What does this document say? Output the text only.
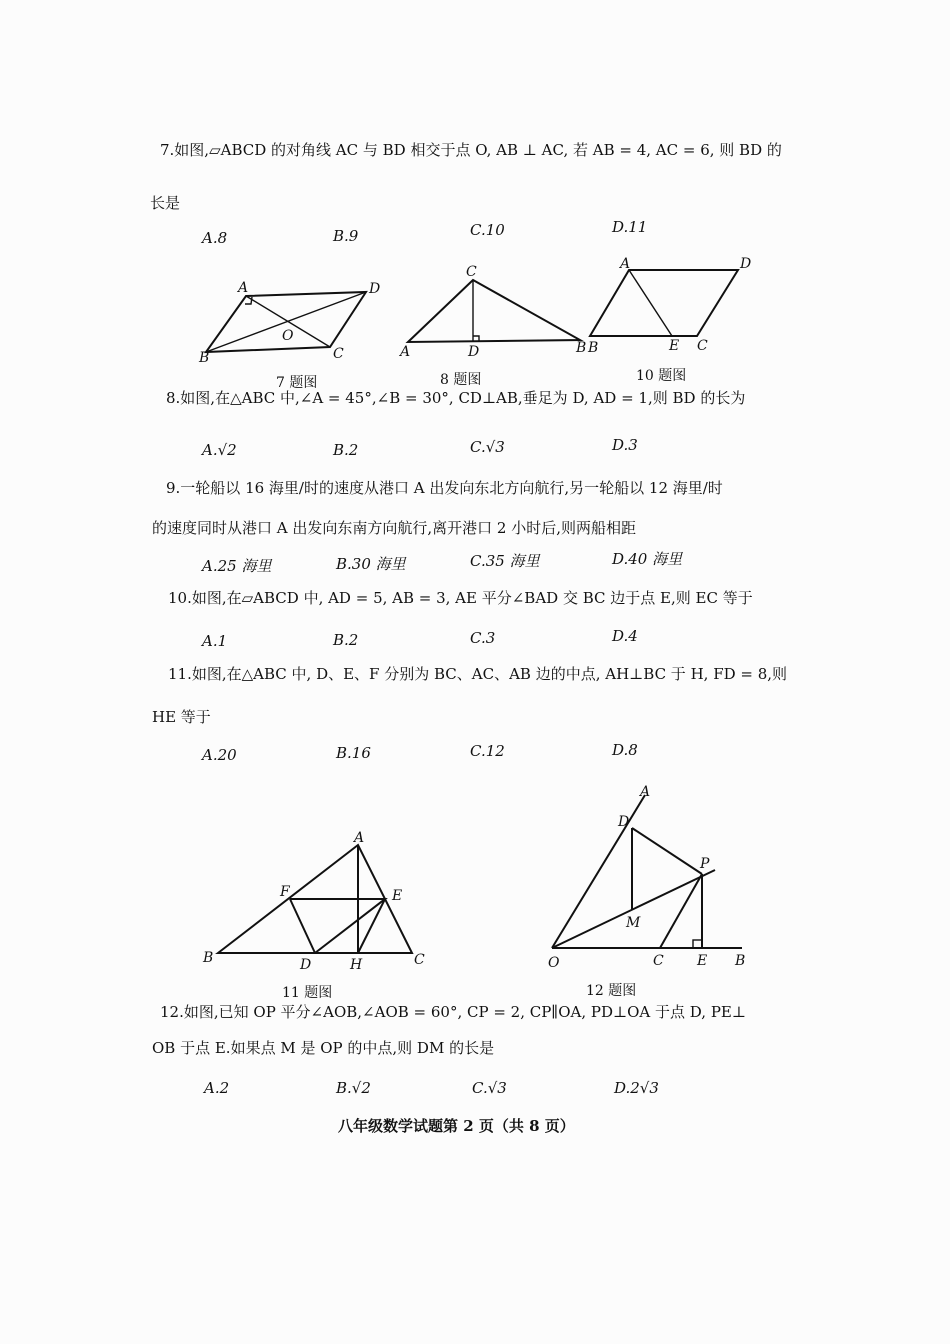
7.如图,▱ABCD 的对角线 AC 与 BD 相交于点 O, AB ⊥ AC, 若 AB = 4, AC = 6, 则 BD 的
长是
A.8	B.9	C.10	D.11
A	D
O
B	C
C
A	D	B
A	D
B	E C
A
F	E
B	D	H	C
A
D
P
M
O	C E B
7 题图	8 题图	10 题图
8.如图,在△ABC 中,∠A = 45°,∠B = 30°, CD⊥AB,垂足为 D, AD = 1,则 BD 的长为
A.√2	B.2	C.√3	D.3
9.一轮船以 16 海里/时的速度从港口 A 出发向东北方向航行,另一轮船以 12 海里/时
的速度同时从港口 A 出发向东南方向航行,离开港口 2 小时后,则两船相距
A.25 海里	B.30 海里	C.35 海里	D.40 海里
10.如图,在▱ABCD 中, AD = 5, AB = 3, AE 平分∠BAD 交 BC 边于点 E,则 EC 等于
A.1	B.2	C.3	D.4
11.如图,在△ABC 中, D、E、F 分别为 BC、AC、AB 边的中点, AH⊥BC 于 H, FD = 8,则
HE 等于
A.20	B.16	C.12	D.8
11 题图	12 题图
12.如图,已知 OP 平分∠AOB,∠AOB = 60°, CP = 2, CP∥OA, PD⊥OA 于点 D, PE⊥
OB 于点 E.如果点 M 是 OP 的中点,则 DM 的长是
A.2	B.√2	C.√3	D.2√3
八年级数学试题第 2 页（共 8 页）
